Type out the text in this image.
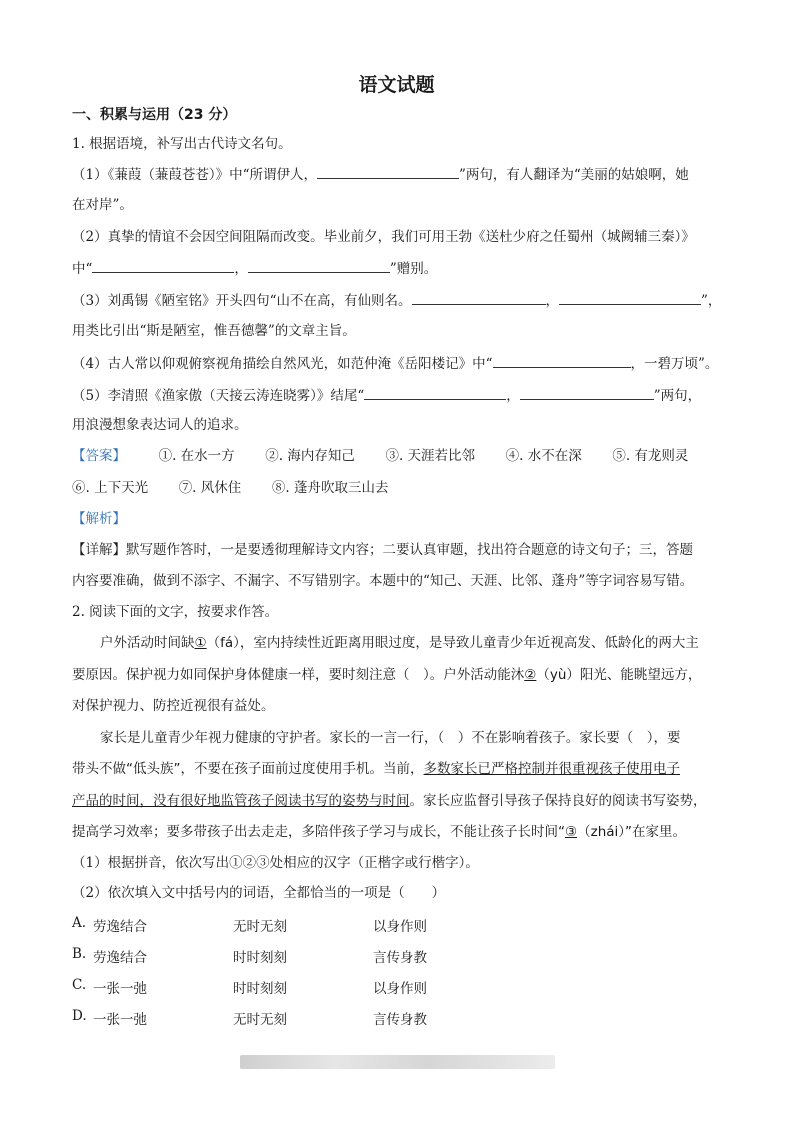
语文试题
一、积累与运用（23 分）
1. 根据语境，补写出古代诗文名句。
（1）《蒹葭（蒹葭苍苍）》中“所谓伊人，	”两句，有人翻译为“美丽的姑娘啊，她
在对岸”。
（2）真挚的情谊不会因空间阻隔而改变。毕业前夕，我们可用王勃《送杜少府之任蜀州（城阙辅三秦）》
中“	，	”赠别。
（3）刘禹锡《陋室铭》开头四句“山不在高，有仙则名。	，	”，
用类比引出“斯是陋室，惟吾德馨”的文章主旨。
（4）古人常以仰观俯察视角描绘自然风光，如范仲淹《岳阳楼记》中“	，一碧万顷”。
（5）李清照《渔家傲（天接云涛连晓雾）》结尾“	，	”两句，
用浪漫想象表达词人的追求。
【答案】 ①. 在水一方 ②. 海内存知己 ③. 天涯若比邻 ④. 水不在深 ⑤. 有龙则灵
⑥. 上下天光 ⑦. 风休住 ⑧. 蓬舟吹取三山去
【解析】
【详解】默写题作答时，一是要透彻理解诗文内容；二要认真审题，找出符合题意的诗文句子；三，答题
内容要准确，做到不添字、不漏字、不写错别字。本题中的“知己、天涯、比邻、蓬舟”等字词容易写错。
2. 阅读下面的文字，按要求作答。
户外活动时间缺①（fá），室内持续性近距离用眼过度，是导致儿童青少年近视高发、低龄化的两大主
要原因。保护视力如同保护身体健康一样，要时刻注意（　）。户外活动能沐②（yù）阳光、能眺望远方，
对保护视力、防控近视很有益处。
家长是儿童青少年视力健康的守护者。家长的一言一行，（　）不在影响着孩子。家长要（　），要
带头不做“低头族”，不要在孩子面前过度使用手机。当前，多数家长已严格控制并很重视孩子使用电子
产品的时间，没有很好地监管孩子阅读书写的姿势与时间。家长应监督引导孩子保持良好的阅读书写姿势，
提高学习效率；要多带孩子出去走走，多陪伴孩子学习与成长，不能让孩子长时间“③（zhái）”在家里。
（1）根据拼音，依次写出①②③处相应的汉字（正楷字或行楷字）。
（2）依次填入文中括号内的词语，全都恰当的一项是（　　）
A. 劳逸结合	无时无刻	以身作则
B. 劳逸结合	时时刻刻	言传身教
C. 一张一弛	时时刻刻	以身作则
D. 一张一弛	无时无刻	言传身教
